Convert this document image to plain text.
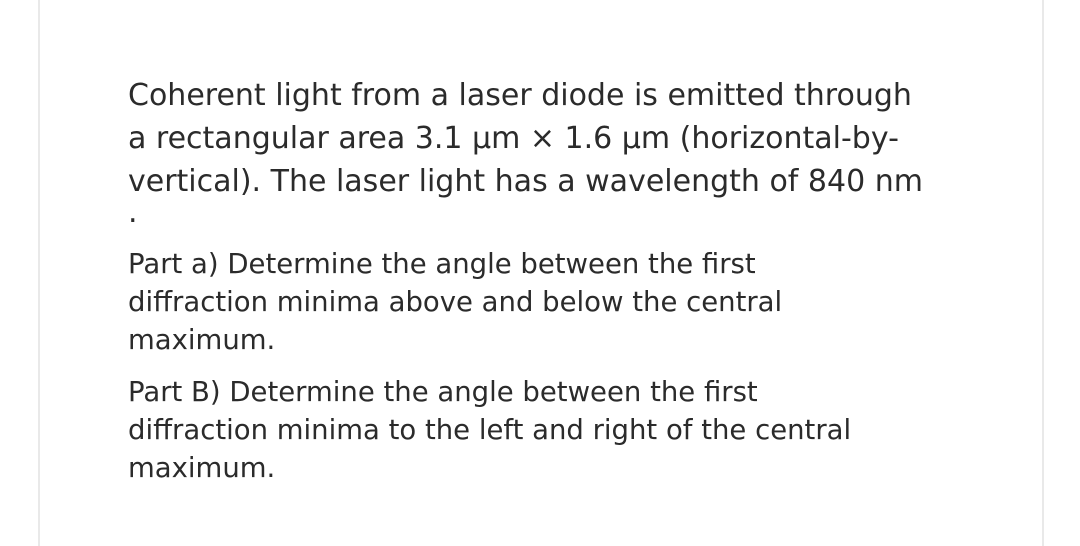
Coherent light from a laser diode is emitted through
a rectangular area 3.1 μm × 1.6 μm (horizontal-by-
vertical). The laser light has a wavelength of 840 nm

.

Part a) Determine the angle between the first
diffraction minima above and below the central
maximum.

Part B) Determine the angle between the first
diffraction minima to the left and right of the central
maximum.
